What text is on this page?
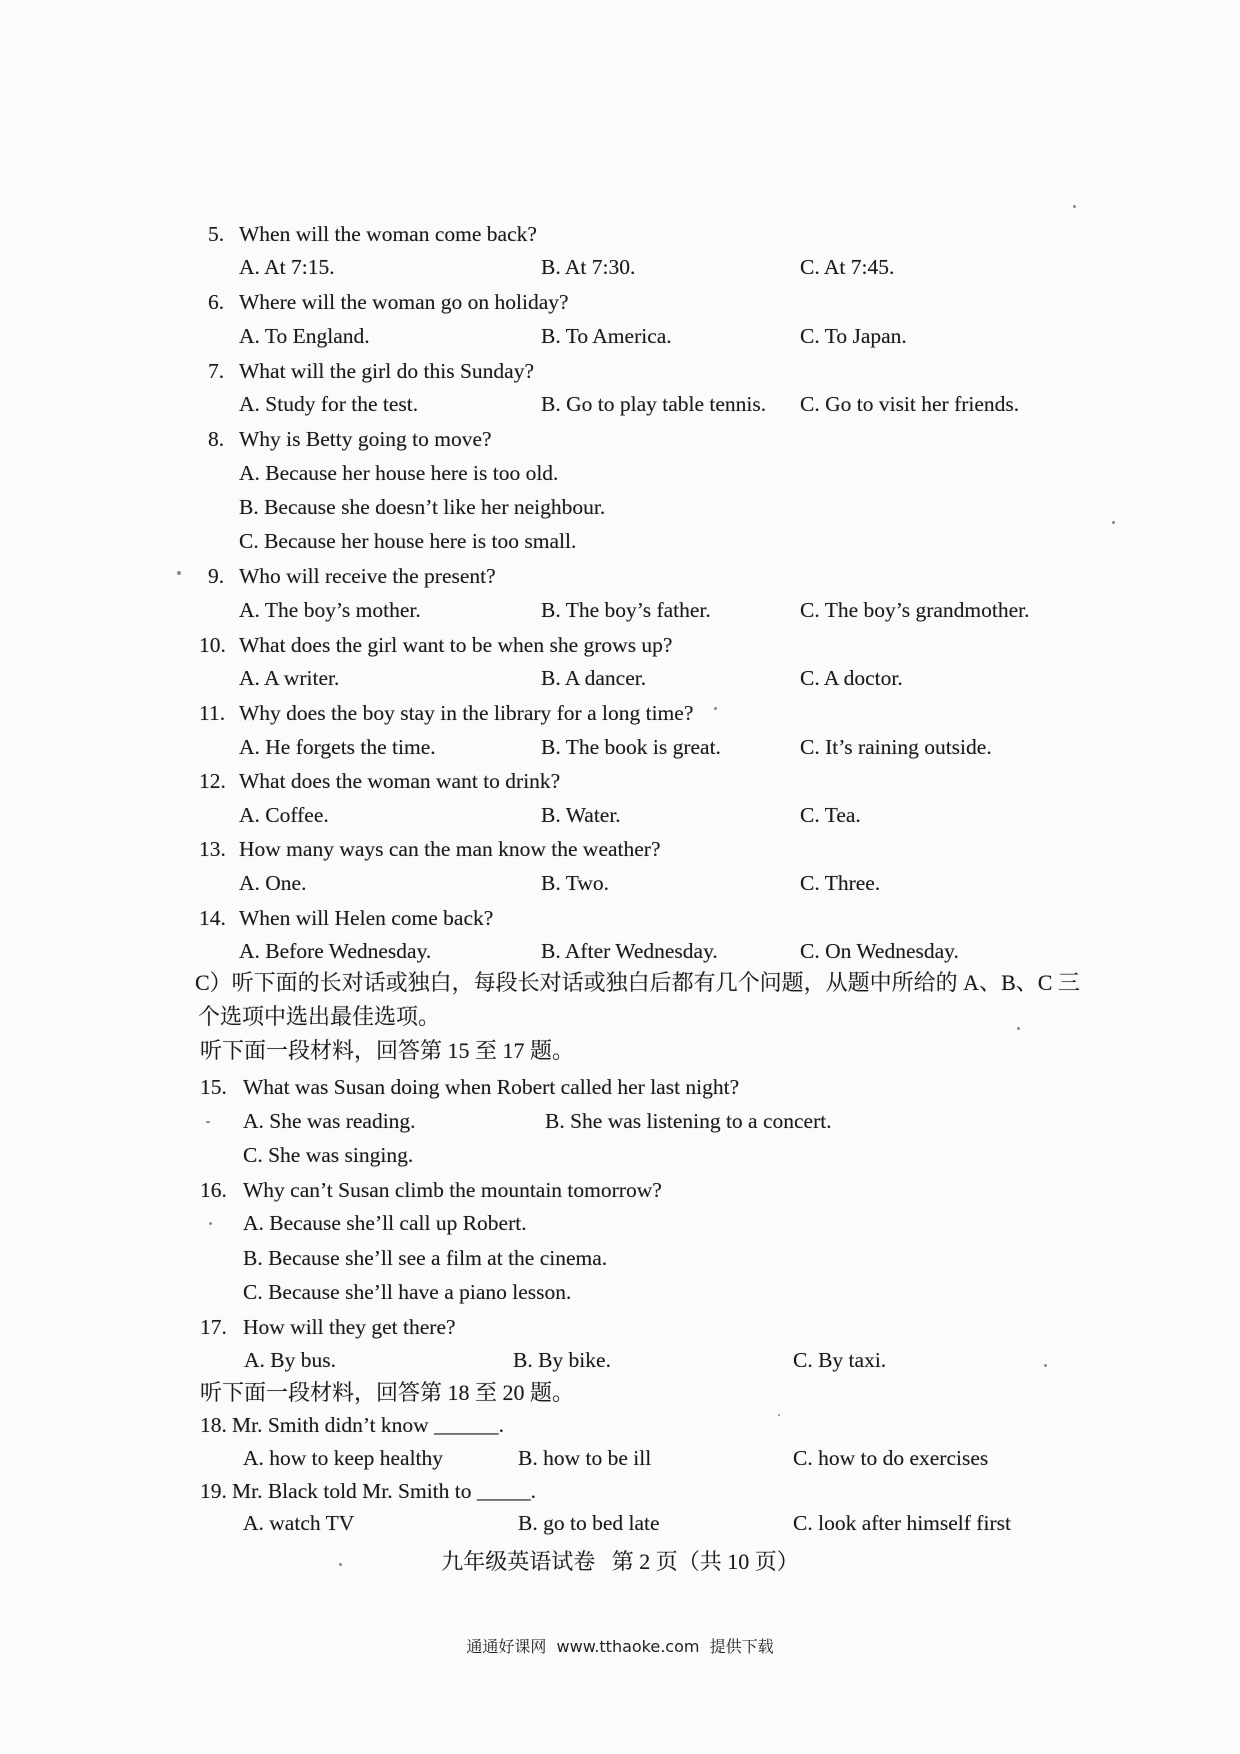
5. When will the woman come back?
A. At 7:15.	B. At 7:30.	C. At 7:45.
6. Where will the woman go on holiday?
A. To England.	B. To America.	C. To Japan.
7. What will the girl do this Sunday?
A. Study for the test.	B. Go to play table tennis. C. Go to visit her friends.
8. Why is Betty going to move?
A. Because her house here is too old.
B. Because she doesn’t like her neighbour.
C. Because her house here is too small.
9. Who will receive the present?
A. The boy’s mother.	B. The boy’s father.	C. The boy’s grandmother.
10. What does the girl want to be when she grows up?
A. A writer.	B. A dancer.	C. A doctor.
11. Why does the boy stay in the library for a long time?
A. He forgets the time.	B. The book is great.	C. It’s raining outside.
12. What does the woman want to drink?
A. Coffee.	B. Water.	C. Tea.
13. How many ways can the man know the weather?
A. One.	B. Two.	C. Three.
14. When will Helen come back?
A. Before Wednesday.	B. After Wednesday.	C. On Wednesday.
C）听下面的长对话或独白，每段长对话或独白后都有几个问题，从题中所给的 A、B、C 三
个选项中选出最佳选项。
听下面一段材料，回答第 15 至 17 题。
15. What was Susan doing when Robert called her last night?
A. She was reading.	B. She was listening to a concert.
C. She was singing.
16. Why can’t Susan climb the mountain tomorrow?
A. Because she’ll call up Robert.
B. Because she’ll see a film at the cinema.
C. Because she’ll have a piano lesson.
17. How will they get there?
A. By bus.	B. By bike.	C. By taxi.
听下面一段材料，回答第 18 至 20 题。
18. Mr. Smith didn’t know ______.
A. how to keep healthy	B. how to be ill	C. how to do exercises
19. Mr. Black told Mr. Smith to _____.
A. watch TV	B. go to bed late	C. look after himself first
九年级英语试卷   第 2 页（共 10 页）
通通好课网  www.tthaoke.com  提供下载
